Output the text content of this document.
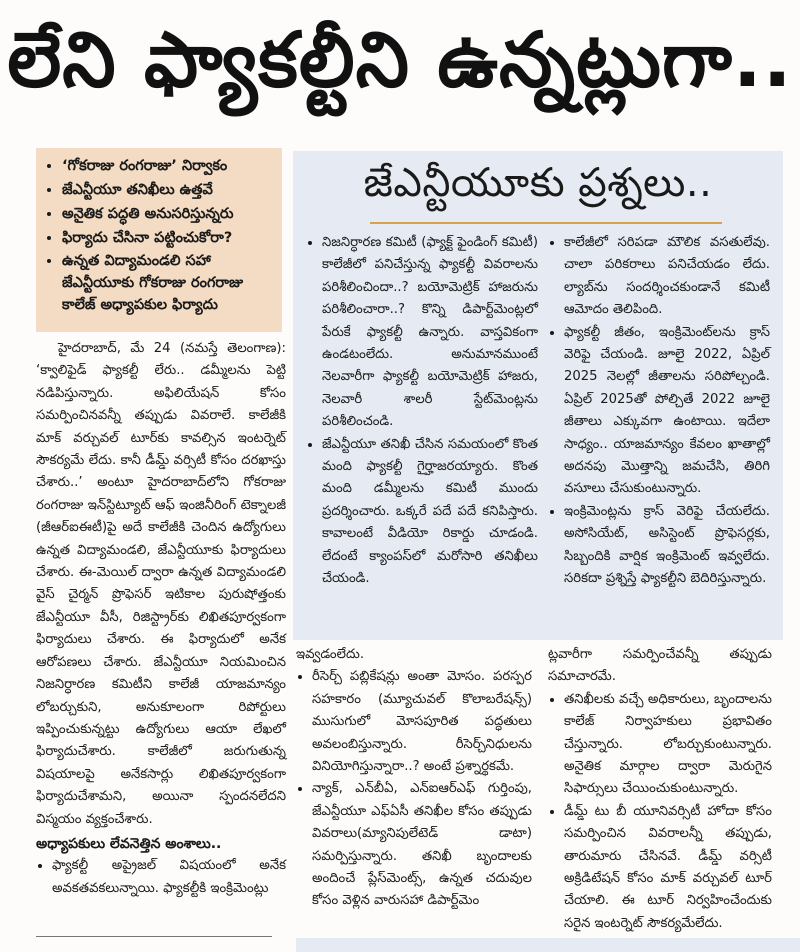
లేని ఫ్యాకల్టీని ఉన్నట్లుగా..
• ‘గోకరాజు రంగరాజు’ నిర్వాకం
• జేఎన్టీయూ తనిఖీలు ఉత్తవే
• అనైతిక పద్ధతి అనుసరిస్తున్నరు
• ఫిర్యాదు చేసినా పట్టించుకోరా?
• ఉన్నత విద్యామండలి సహా జేఎన్టీయూకు గోకరాజు రంగరాజు కాలేజ్ అధ్యాపకుల ఫిర్యాదు

హైదరాబాద్, మే 24 (నమస్తే తెలంగాణ): ‘క్వాలిఫైడ్ ఫ్యాకల్టీ లేరు.. డమ్మీలను పెట్టి నడిపిస్తున్నారు. అఫిలియేషన్ కోసం సమర్పించినవన్నీ తప్పుడు వివరాలే. కాలేజీకి మాక్ వర్చువల్ టూర్‌కు కావల్సిన ఇంటర్నెట్ సౌకర్యమే లేదు. కానీ డీమ్డ్ వర్సిటీ కోసం దరఖాస్తు చేశారు..’ అంటూ హైదరాబాద్‌లోని గోకరాజు రంగరాజు ఇన్‌స్టిట్యూట్ ఆఫ్ ఇంజినీరింగ్ టెక్నాలజీ (జీఆర్ఐఈటీ)పై అదే కాలేజీకి చెందిన ఉద్యోగులు ఉన్నత విద్యామండలి, జేఎన్టీయూకు ఫిర్యాదులు చేశారు. ఈ-మెయిల్ ద్వారా ఉన్నత విద్యామండలి వైస్ చైర్మన్ ప్రొఫెసర్ ఇటికాల పురుషోత్తంకు జేఎన్టీయూ వీసీ, రిజిస్ట్రార్‌కు లిఖితపూర్వకంగా ఫిర్యాదులు చేశారు. ఈ ఫిర్యాదులో అనేక ఆరోపణలు చేశారు. జేఎన్టీయూ నియమించిన నిజనిర్ధారణ కమిటీని కాలేజీ యాజమాన్యం లోబర్చుకుని, అనుకూలంగా రిపోర్టులు ఇప్పించుకున్నట్టు ఉద్యోగులు ఆయా లేఖలో ఫిర్యాదుచేశారు. కాలేజీలో జరుగుతున్న విషయాలపై అనేకసార్లు లిఖితపూర్వకంగా ఫిర్యాదుచేశామని, అయినా స్పందనలేదని విస్మయం వ్యక్తంచేశారు.

అధ్యాపకులు లేవనెత్తిన అంశాలు..

• ఫ్యాకల్టీ అప్రైజల్ విషయంలో అనేక అవకతవకలున్నాయి. ఫ్యాకల్టీకి ఇంక్రిమెంట్లు
జేఎన్టీయూకు ప్రశ్నలు..
• నిజనిర్ధారణ కమిటీ (ఫ్యాక్ట్ ఫైండింగ్ కమిటీ) కాలేజీలో పనిచేస్తున్న ఫ్యాకల్టీ వివరాలను పరిశీలించిందా..? బయోమెట్రిక్ హాజరును పరిశీలించారా..? కొన్ని డిపార్ట్‌మెంట్లలో పేరుకే ఫ్యాకల్టీ ఉన్నారు. వాస్తవికంగా ఉండటంలేదు. అనుమానముంటే నెలవారీగా ఫ్యాకల్టీ బయోమెట్రిక్ హాజరు, నెలవారీ శాలరీ స్టేట్‌మెంట్లను పరిశీలించండి.
• జేఎన్టీయూ తనిఖీ చేసిన సమయంలో కొంత మంది ఫ్యాకల్టీ గైర్హాజరయ్యారు. కొంత మంది డమ్మీలను కమిటీ ముందు ప్రదర్శించారు. ఒక్కరే పదే పదే కనిపిస్తారు. కావాలంటే వీడియో రికార్డు చూడండి. లేదంటే క్యాంపస్‌లో మరోసారి తనిఖీలు చేయండి.
• కాలేజీలో సరిపడా మౌలిక వసతులేవు. చాలా పరికరాలు పనిచేయడం లేదు. ల్యాబ్‌ను సందర్శించకుండానే కమిటీ ఆమోదం తెలిపింది.
• ఫ్యాకల్టీ జీతం, ఇంక్రిమెంట్‌లను క్రాస్ వెరిఫై చేయండి. జూలై 2022, ఏప్రిల్ 2025 నెలల్లో జీతాలను సరిపోల్చండి. ఏప్రిల్ 2025తో పోల్చితే 2022 జూలై జీతాలు ఎక్కువగా ఉంటాయి. ఇదేలా సాధ్యం.. యాజమాన్యం కేవలం ఖాతాల్లో అదనపు మొత్తాన్ని జమచేసి, తిరిగి వసూలు చేసుకుంటున్నారు.
• ఇంక్రిమెంట్లను క్రాస్ వెరిఫై చేయలేదు. అసోసియేట్, అసిస్టెంట్ ప్రొఫెసర్లకు, సిబ్బందికి వార్షిక ఇంక్రిమెంట్ ఇవ్వలేదు. సరికదా ప్రశ్నిస్తే ఫ్యాకల్టీని బెదిరిస్తున్నారు.

ఇవ్వడంలేదు.

• రీసెర్చ్ పబ్లికేషన్లు అంతా మోసం. పరస్పర సహకారం (మ్యూచువల్ కొలాబరేషన్స్) ముసుగులో మోసపూరిత పద్ధతులు అవలంబిస్తున్నారు. రీసెర్చ్‌నిధులను వినియోగిస్తున్నారా..? అంటే ప్రశ్నార్థకమే.
• న్యాక్, ఎన్‌బీఏ, ఎన్ఐఆర్ఎఫ్ గుర్తింపు, జేఎన్టీయూ ఎఫ్ఏసీ తనిఖీల కోసం తప్పుడు వివరాలు(మ్యానిపులేటెడ్ డాటా) సమర్పిస్తున్నారు. తనిఖీ బృందాలకు అందించే ప్లేస్‌మెంట్స్, ఉన్నత చదువుల కోసం వెళ్లిన వారుసహా డిపార్ట్‌మెం

ట్లవారీగా సమర్పించేవన్నీ తప్పుడు సమాచారమే.

• తనిఖీలకు వచ్చే అధికారులు, బృందాలను కాలేజ్ నిర్వాహకులు ప్రభావితం చేస్తున్నారు. లోబర్చుకుంటున్నారు. అనైతిక మార్గాల ద్వారా మెరుగైన సిఫార్సులు చేయించుకుంటున్నారు.
• డీమ్డ్ టు బీ యూనివర్సిటీ హోదా కోసం సమర్పించిన వివరాలన్నీ తప్పుడు, తారుమారు చేసినవే. డీమ్డ్ వర్సిటీ అక్రిడిటేషన్ కోసం మాక్ వర్చువల్ టూర్ చేయాలి. ఈ టూర్ నిర్వహించేందుకు సరైన ఇంటర్నెట్ సౌకర్యమేలేదు.
